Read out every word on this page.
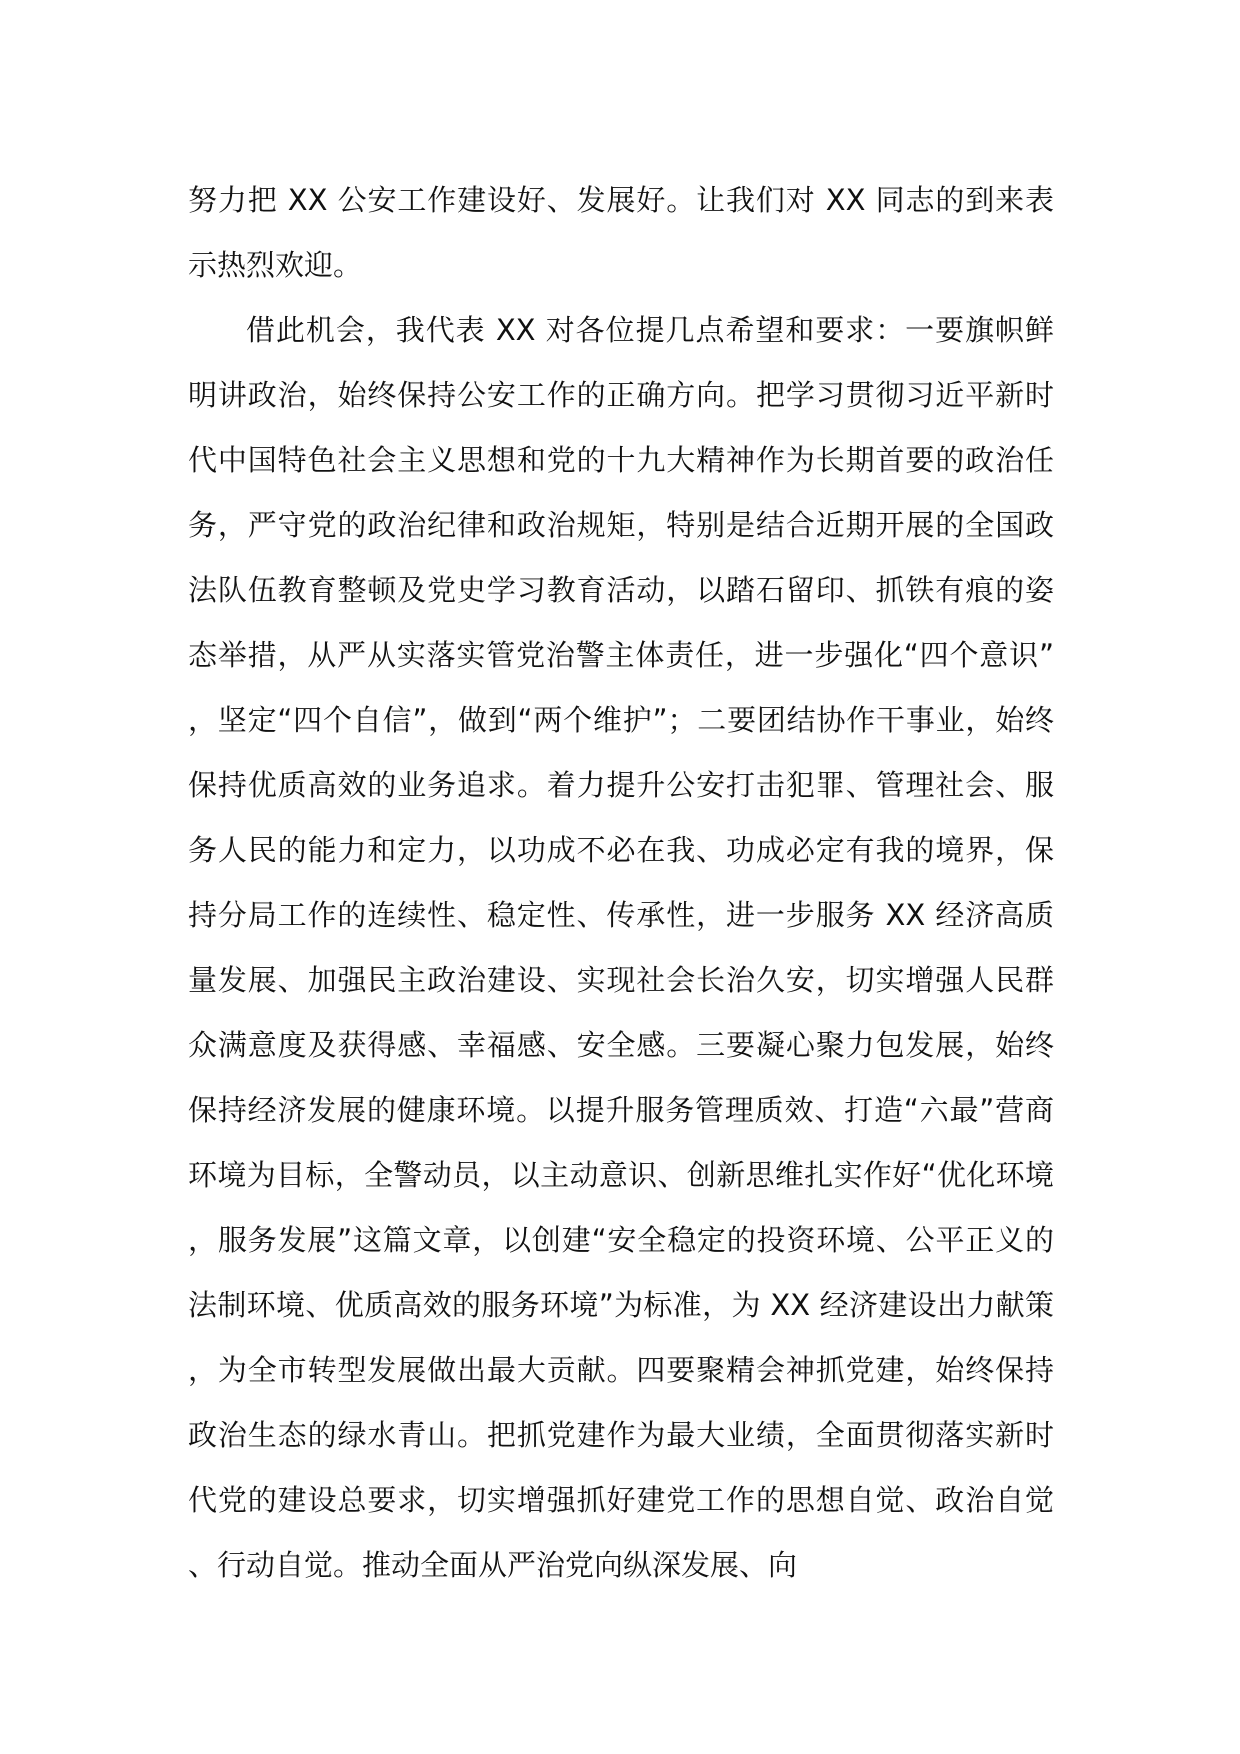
努力把 XX 公安工作建设好、发展好。让我们对 XX 同志的到来表示热烈欢迎。

借此机会，我代表 XX 对各位提几点希望和要求：一要旗帜鲜明讲政治，始终保持公安工作的正确方向。把学习贯彻习近平新时代中国特色社会主义思想和党的十九大精神作为长期首要的政治任务，严守党的政治纪律和政治规矩，特别是结合近期开展的全国政法队伍教育整顿及党史学习教育活动，以踏石留印、抓铁有痕的姿态举措，从严从实落实管党治警主体责任，进一步强化“四个意识”，坚定“四个自信”，做到“两个维护”；二要团结协作干事业，始终保持优质高效的业务追求。着力提升公安打击犯罪、管理社会、服务人民的能力和定力，以功成不必在我、功成必定有我的境界，保持分局工作的连续性、稳定性、传承性，进一步服务 XX 经济高质量发展、加强民主政治建设、实现社会长治久安，切实增强人民群众满意度及获得感、幸福感、安全感。三要凝心聚力包发展，始终保持经济发展的健康环境。以提升服务管理质效、打造“六最”营商环境为目标，全警动员，以主动意识、创新思维扎实作好“优化环境，服务发展”这篇文章，以创建“安全稳定的投资环境、公平正义的法制环境、优质高效的服务环境”为标准，为 XX 经济建设出力献策，为全市转型发展做出最大贡献。四要聚精会神抓党建，始终保持政治生态的绿水青山。把抓党建作为最大业绩，全面贯彻落实新时代党的建设总要求，切实增强抓好建党工作的思想自觉、政治自觉、行动自觉。推动全面从严治党向纵深发展、向
